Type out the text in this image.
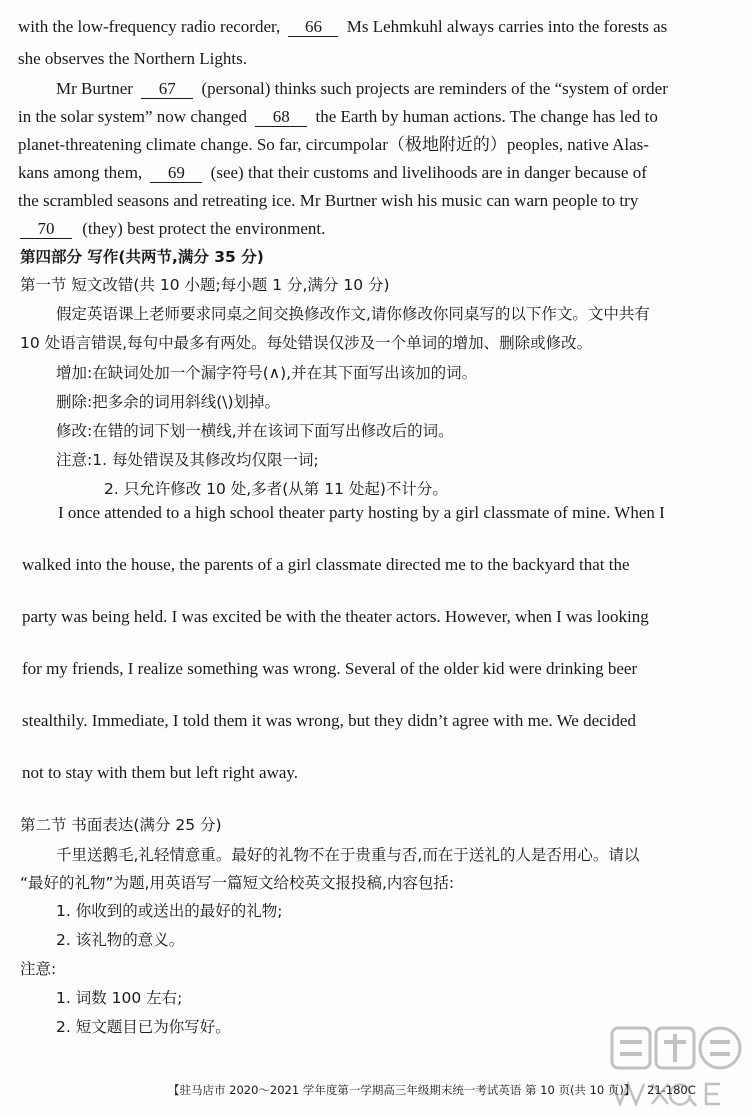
with the low-frequency radio recorder, 66 Ms Lehmkuhl always carries into the forests as
she observes the Northern Lights.
Mr Burtner 67 (personal) thinks such projects are reminders of the “system of order
in the solar system” now changed 68 the Earth by human actions. The change has led to
planet-threatening climate change. So far, circumpolar（极地附近的）peoples, native Alas-
kans among them, 69 (see) that their customs and livelihoods are in danger because of
the scrambled seasons and retreating ice. Mr Burtner wish his music can warn people to try
70 (they) best protect the environment.
第四部分 写作(共两节,满分 35 分)
第一节 短文改错(共 10 小题;每小题 1 分,满分 10 分)
假定英语课上老师要求同桌之间交换修改作文,请你修改你同桌写的以下作文。文中共有
10 处语言错误,每句中最多有两处。每处错误仅涉及一个单词的增加、删除或修改。
增加:在缺词处加一个漏字符号(∧),并在其下面写出该加的词。
删除:把多余的词用斜线(\)划掉。
修改:在错的词下划一横线,并在该词下面写出修改后的词。
注意:1. 每处错误及其修改均仅限一词;
2. 只允许修改 10 处,多者(从第 11 处起)不计分。
I once attended to a high school theater party hosting by a girl classmate of mine. When I
walked into the house, the parents of a girl classmate directed me to the backyard that the
party was being held. I was excited be with the theater actors. However, when I was looking
for my friends, I realize something was wrong. Several of the older kid were drinking beer
stealthily. Immediate, I told them it was wrong, but they didn’t agree with me. We decided
not to stay with them but left right away.
第二节 书面表达(满分 25 分)
千里送鹅毛,礼轻情意重。最好的礼物不在于贵重与否,而在于送礼的人是否用心。请以
“最好的礼物”为题,用英语写一篇短文给校英文报投稿,内容包括:
1. 你收到的或送出的最好的礼物;
2. 该礼物的意义。
注意:
1. 词数 100 左右;
2. 短文题目已为你写好。
【驻马店市 2020～2021 学年度第一学期高三年级期末统一考试英语 第 10 页(共 10 页)】 21-180C
